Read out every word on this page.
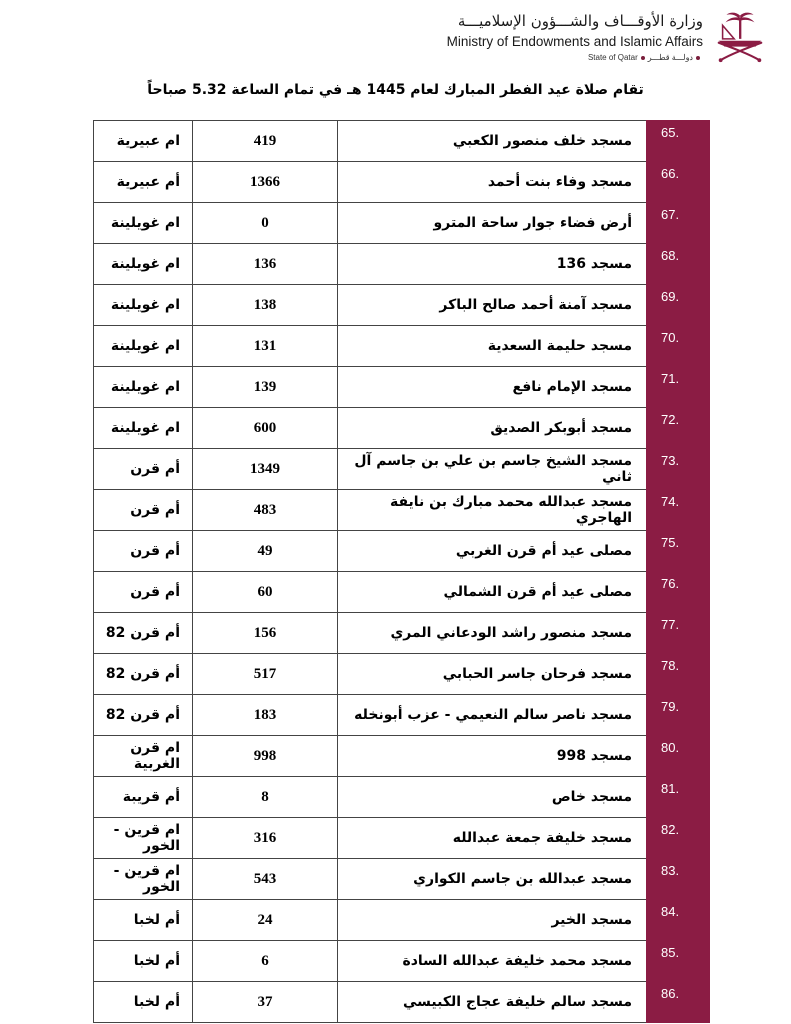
وزارة الأوقـــاف والشـــؤون الإسلاميـــة
Ministry of Endowments and Islamic Affairs
State of Qatar دولـــة قطـــر
تقام صلاة عيد الفطر المبارك لعام 1445 هـ في تمام الساعة 5.32 صباحاً
65.	مسجد خلف منصور الكعبي	419	ام عبيرية
66.	مسجد وفاء بنت أحمد	1366	أم عبيرية
67.	أرض فضاء جوار ساحة المترو	0	ام غويلينة
68.	مسجد 136	136	ام غويلينة
69.	مسجد آمنة أحمد صالح الباكر	138	ام غويلينة
70.	مسجد حليمة السعدية	131	ام غويلينة
71.	مسجد الإمام نافع	139	ام غويلينة
72.	مسجد أبوبكر الصديق	600	ام غويلينة
73.	مسجد الشيخ جاسم بن علي بن جاسم آل ثاني	1349	أم قرن
74.	مسجد عبدالله محمد مبارك بن نايفة الهاجري	483	أم قرن
75.	مصلى عيد أم قرن الغربي	49	أم قرن
76.	مصلى عيد أم قرن الشمالي	60	أم قرن
77.	مسجد منصور راشد الودعاني المري	156	أم قرن 82
78.	مسجد فرحان جاسر الحبابي	517	أم قرن 82
79.	مسجد ناصر سالم النعيمي - عزب أبونخله	183	أم قرن 82
80.	مسجد 998	998	ام قرن الغربية
81.	مسجد خاص	8	أم قريبة
82.	مسجد خليفة جمعة عبدالله	316	ام قرين - الخور
83.	مسجد عبدالله بن جاسم الكواري	543	ام قرين - الخور
84.	مسجد الخير	24	أم لخبا
85.	مسجد محمد خليفة عبدالله السادة	6	أم لخبا
86.	مسجد سالم خليفة عجاج الكبيسي	37	أم لخبا
